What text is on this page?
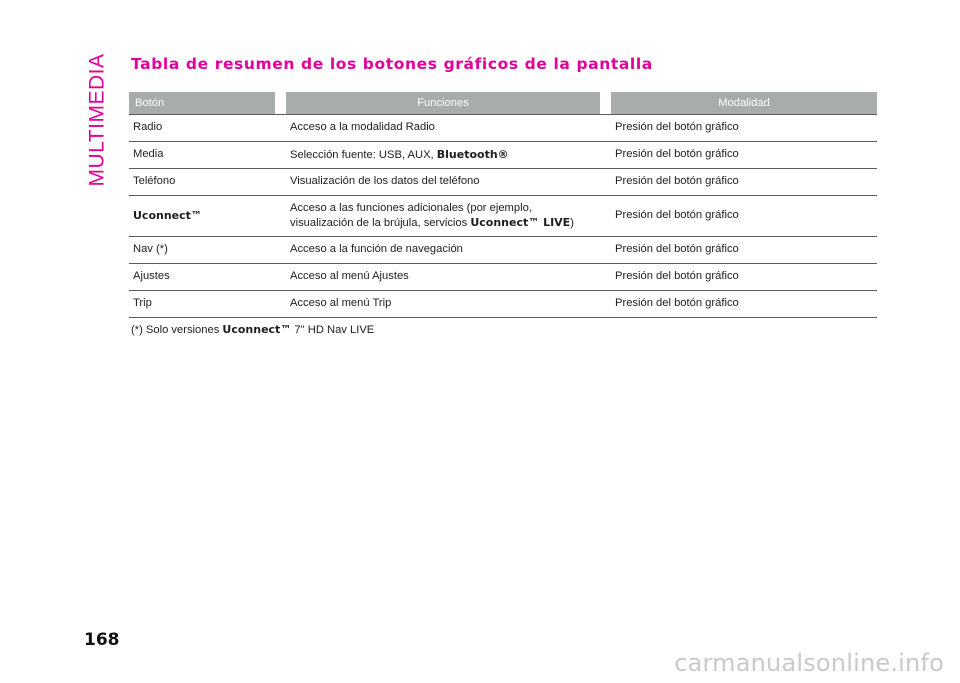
MULTIMEDIA Tabla de resumen de los botones gráficos de la pantalla
Botón	Funciones	Modalidad
Radio	Acceso a la modalidad Radio	Presión del botón gráfico
Media	Selección fuente: USB, AUX, Bluetooth®	Presión del botón gráfico
Teléfono	Visualización de los datos del teléfono	Presión del botón gráfico
Uconnect™	Acceso a las funciones adicionales (por ejemplo,
visualización de la brújula, servicios Uconnect™ LIVE)	Presión del botón gráfico
Nav (*)	Acceso a la función de navegación	Presión del botón gráfico
Ajustes	Acceso al menú Ajustes	Presión del botón gráfico
Trip	Acceso al menú Trip	Presión del botón gráfico
(*) Solo versiones Uconnect™ 7" HD Nav LIVE
168
carmanualsonline.info
